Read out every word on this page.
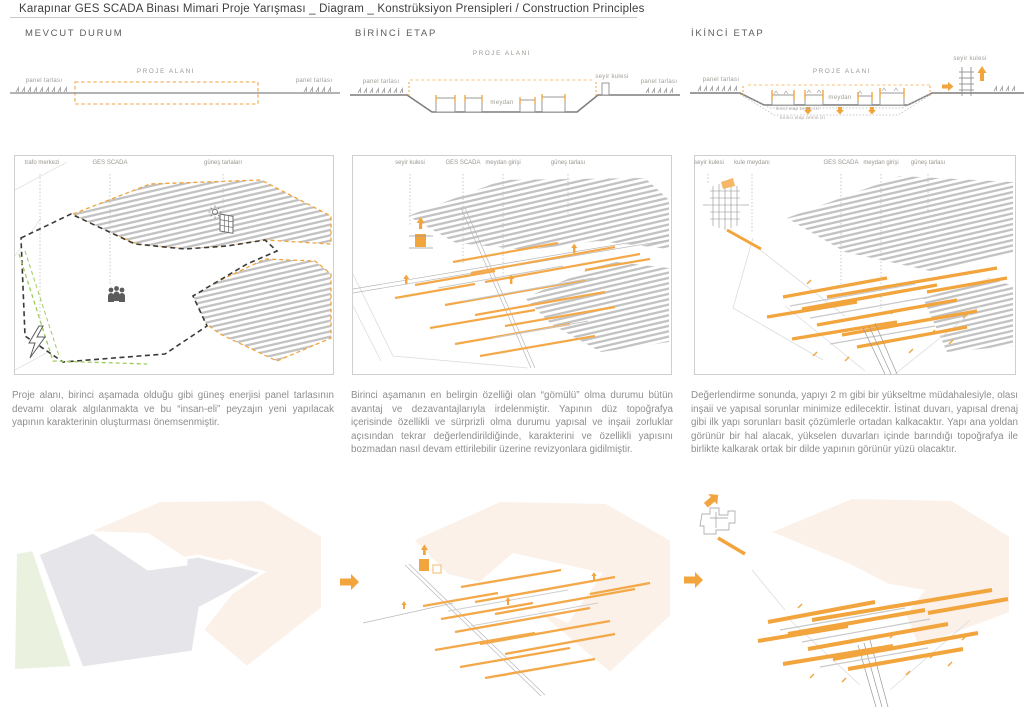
Karapınar GES SCADA Binası Mimari Proje Yarışması _ Diagram _ Konstrüksiyon Prensipleri / Construction Principles
MEVCUT DURUM	BİRİNCİ ETAP	İKİNCİ ETAP
PROJE ALANI
panel tarlası	panel tarlası
PROJE ALANI
panel tarlası	panel tarlası
meydan
seyir kulesi
seyir kulesi
PROJE ALANI
panel tarlası
meydan
ikinci etap zemin izi
birinci etap zemin izi
trafo merkezi	GES SCADA	güneş tarlaları	seyir kulesi	GES SCADA meydan girişi	güneş tarlası	seyir kulesi	kule meydanı	GES SCADA meydan girişi	güneş tarlası
Proje alanı, birinci aşamada olduğu gibi güneş enerjisi panel tarlasının devamı olarak algılanmakta ve bu “insan-eli” peyzajın yeni yapılacak yapının karakterinin oluşturması önemsenmiştir.
Birinci aşamanın en belirgin özelliği olan “gömülü” olma durumu bütün avantaj ve dezavantajlarıyla irdelenmiştir. Yapının düz topoğrafya içerisinde özellikli ve sürprizli olma durumu yapısal ve inşaii zorluklar açısından tekrar değerlendirildiğinde, karakterini ve özellikli yapısını bozmadan nasıl devam ettirilebilir üzerine revizyonlara gidilmiştir.
Değerlendirme sonunda, yapıyı 2 m gibi bir yükseltme müdahalesiyle, olası inşaii ve yapısal sorunlar minimize edilecektir. İstinat duvarı, yapısal drenaj gibi ilk yapı sorunları basit çözümlerle ortadan kalkacaktır. Yapı ana yoldan görünür bir hal alacak, yükselen duvarları içinde barındığı topoğrafya ile birlikte kalkarak ortak bir dilde yapının görünür yüzü olacaktır.
